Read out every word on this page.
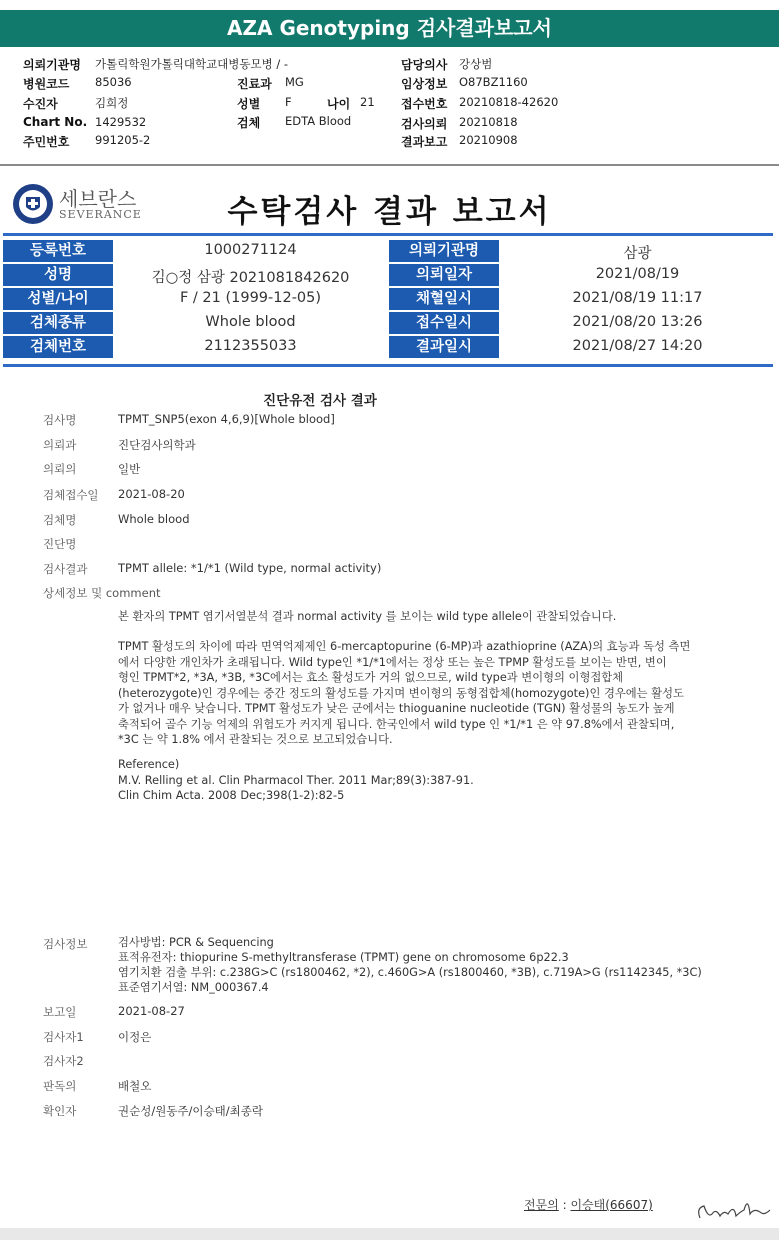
AZA Genotyping 검사결과보고서
의뢰기관명 가톨릭학원가톨릭대학교대병동모병 / -
병원코드 85036
수진자	김희정
Chart No. 1429532
주민번호 991205-2
진료과 MG
성별 F	나이 21
검체 EDTA Blood
담당의사 강상범
임상정보 O87BZ1160
접수번호 20210818-42620
검사의뢰 20210818
결과보고 20210908
세브란스
SEVERANCE	수탁검사 결과 보고서
등록번호	1000271124	의뢰기관명	삼광
성명	김○정 삼광 2021081842620	의뢰일자	2021/08/19
성별/나이	F / 21 (1999-12-05)	채혈일시	2021/08/19 11:17
검체종류	Whole blood	접수일시	2021/08/20 13:26
검체번호	2112355033	결과일시	2021/08/27 14:20
진단유전 검사 결과
검사명	TPMT_SNP5(exon 4,6,9)[Whole blood]
의뢰과	진단검사의학과
의뢰의	일반
검체접수일 2021-08-20
검체명	Whole blood
진단명
검사결과	TPMT allele: *1/*1 (Wild type, normal activity)
상세정보 및 comment
본 환자의 TPMT 염기서열분석 결과 normal activity 를 보이는 wild type allele이 관찰되었습니다.
TPMT 활성도의 차이에 따라 면역억제제인 6-mercaptopurine (6-MP)과 azathioprine (AZA)의 효능과 독성 측면
에서 다양한 개인차가 초래됩니다. Wild type인 *1/*1에서는 정상 또는 높은 TPMP 활성도를 보이는 반면, 변이
형인 TPMT*2, *3A, *3B, *3C에서는 효소 활성도가 거의 없으므로, wild type과 변이형의 이형접합체
(heterozygote)인 경우에는 중간 정도의 활성도를 가지며 변이형의 동형접합체(homozygote)인 경우에는 활성도
가 없거나 매우 낮습니다. TPMT 활성도가 낮은 군에서는 thioguanine nucleotide (TGN) 활성물의 농도가 높게
축적되어 골수 기능 억제의 위험도가 커지게 됩니다. 한국인에서 wild type 인 *1/*1 은 약 97.8%에서 관찰되며,
*3C 는 약 1.8% 에서 관찰되는 것으로 보고되었습니다.
Reference)
M.V. Relling et al. Clin Pharmacol Ther. 2011 Mar;89(3):387-91.
Clin Chim Acta. 2008 Dec;398(1-2):82-5
검사정보	검사방법: PCR & Sequencing
표적유전자: thiopurine S-methyltransferase (TPMT) gene on chromosome 6p22.3
염기치환 검출 부위: c.238G>C (rs1800462, *2), c.460G>A (rs1800460, *3B), c.719A>G (rs1142345, *3C)
표준염기서열: NM_000367.4
보고일	2021-08-27
검사자1	이정은
검사자2
판독의	배철오
확인자	권순성/원동주/이승태/최종락
전문의 : 이승태(66607)
